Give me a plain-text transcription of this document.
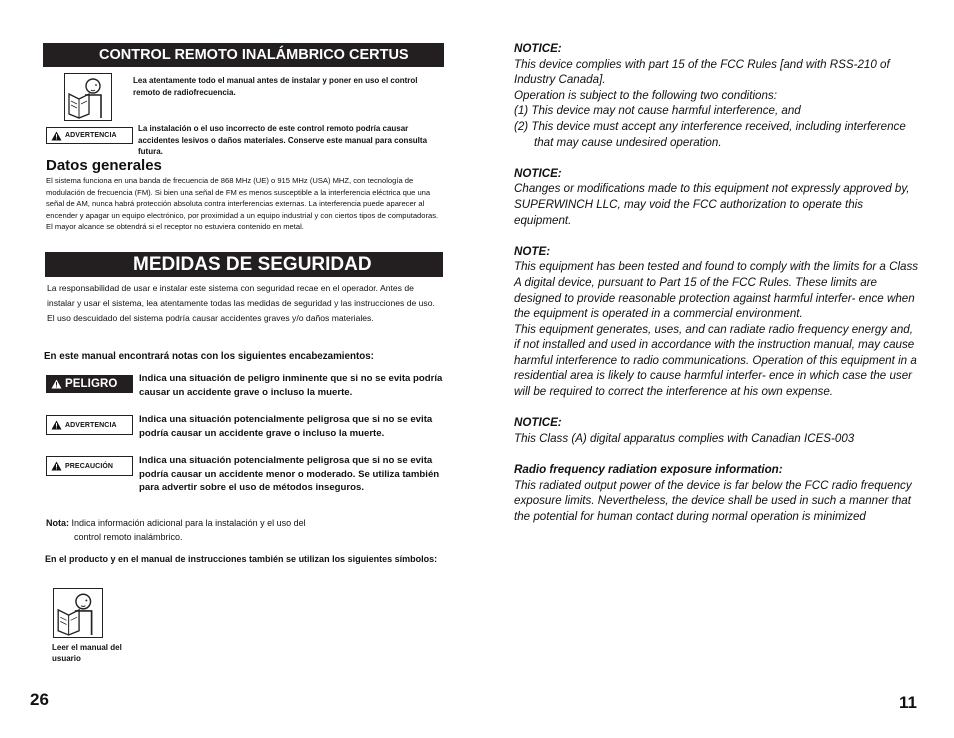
CONTROL REMOTO INALÁMBRICO CERTUS
Lea atentamente todo el manual antes de instalar y poner en uso el control remoto de radiofrecuencia.
ADVERTENCIA
La instalación o el uso incorrecto de este control remoto podría causar accidentes lesivos o daños materiales. Conserve este manual para consulta futura.
Datos generales
El sistema funciona en una banda de frecuencia de 868 MHz (UE) o 915 MHz (USA) MHZ, con tecnología de modulación de frecuencia (FM). Si bien una señal de FM es menos susceptible a la interferencia eléctrica que una señal de AM, nunca habrá protección absoluta contra interferencias externas. La interferencia puede aparecer al encender y apagar un equipo electrónico, por proximidad a un equipo industrial y con ciertos tipos de computadoras. El mayor alcance se obtendrá si el receptor no estuviera contenido en metal.
MEDIDAS DE SEGURIDAD
La responsabilidad de usar e instalar este sistema con seguridad recae en el operador. Antes de instalar y usar el sistema, lea atentamente todas las medidas de seguridad y las instrucciones de uso. El uso descuidado del sistema podría causar accidentes graves y/o daños materiales.
En este manual encontrará notas con los siguientes encabezamientos:
PELIGRO Indica una situación de peligro inminente que si no se evita podría causar un accidente grave o incluso la muerte.
ADVERTENCIA Indica una situación potencialmente peligrosa que si no se evita podría causar un accidente grave o incluso la muerte.
PRECAUCIÓN	Indica una situación potencialmente peligrosa que si no se evita podría causar un accidente menor o moderado. Se utiliza también para advertir sobre el uso de métodos inseguros.
Nota: Indica información adicional para la instalación y el uso del
control remoto inalámbrico.
En el producto y en el manual de instrucciones también se utilizan los siguientes símbolos:
Leer el manual del usuario
26

NOTICE:

This device complies with part 15 of the FCC Rules [and with RSS-210 of Industry Canada].

Operation is subject to the following two conditions:

(1) This device may not cause harmful interference, and

(2) This device must accept any interference received, including interference that may cause undesired operation.

NOTICE:

Changes or modifications made to this equipment not expressly approved by, SUPERWINCH LLC, may void the FCC authorization to operate this equipment.

NOTE:

This equipment has been tested and found to comply with the limits for a Class A digital device, pursuant to Part 15 of the FCC Rules. These limits are designed to provide reasonable protection against harmful interfer- ence when the equipment is operated in a commercial environment.

This equipment generates, uses, and can radiate radio frequency energy and, if not installed and used in accordance with the instruction manual, may cause harmful interference to radio communications. Operation of this equipment in a residential area is likely to cause harmful interfer- ence in which case the user will be required to correct the interference at his own expense.

NOTICE:

This Class (A) digital apparatus complies with Canadian ICES-003

Radio frequency radiation exposure information:

This radiated output power of the device is far below the FCC radio frequency exposure limits. Nevertheless, the device shall be used in such a manner that the potential for human contact during normal operation is minimized

11
